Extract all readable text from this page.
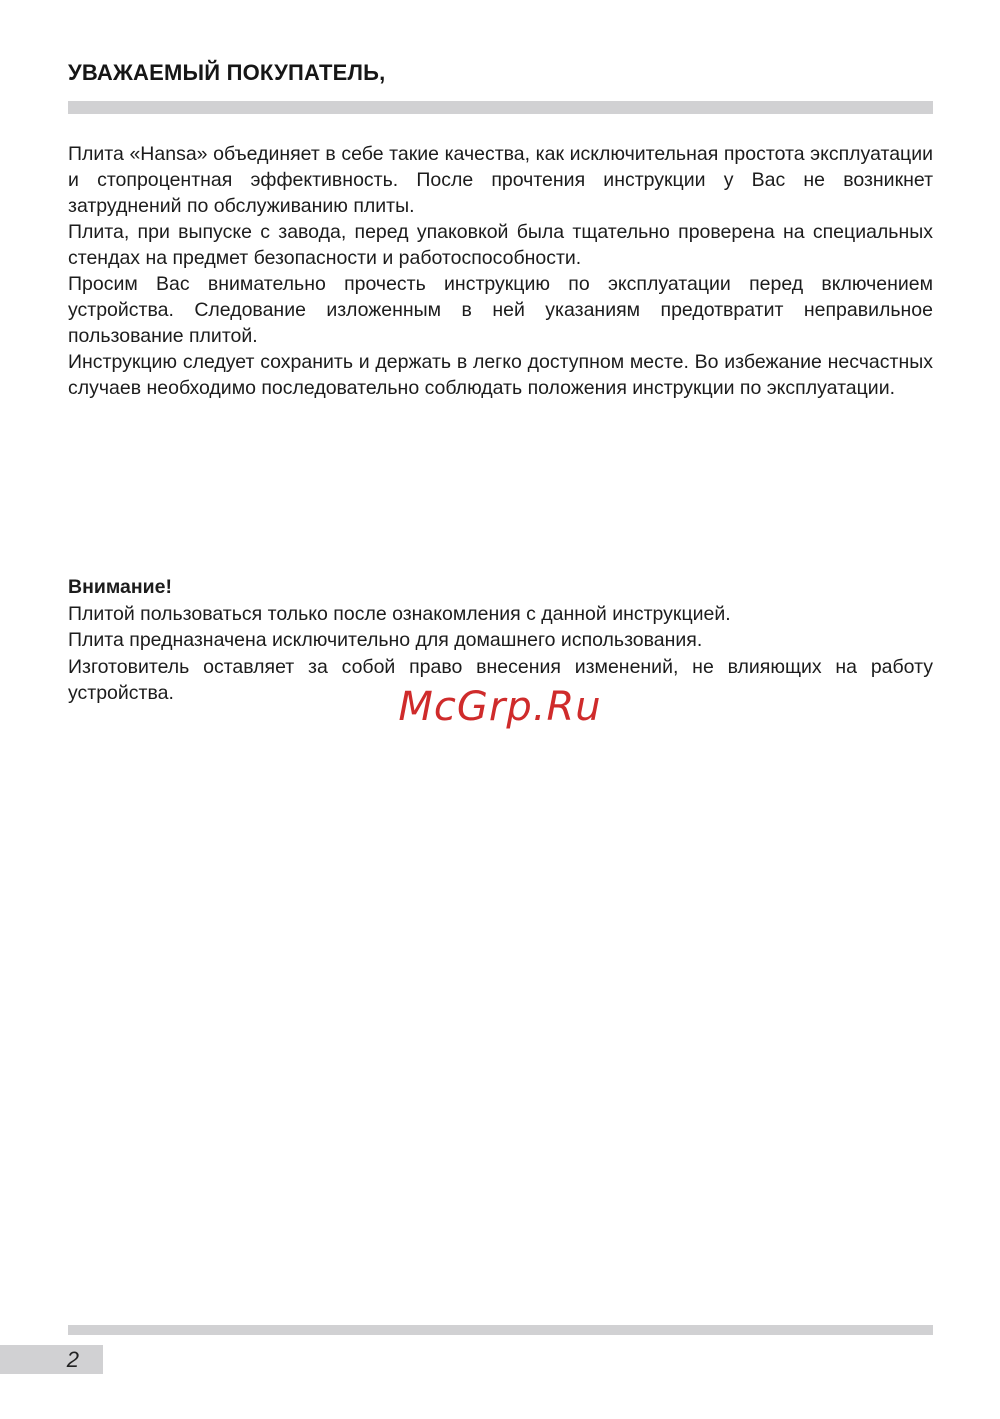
УВАЖАЕМЫЙ ПОКУПАТЕЛЬ,

Плита «Hansa» объединяет в себе такие качества, как исключительная простота эксплуатации и стопроцентная эффективность. После прочтения инструкции у Вас не возникнет затруднений по обслуживанию плиты.

Плита, при выпуске с завода, перед упаковкой была тщательно проверена на специальных стендах на предмет безопасности и работоспособности.

Просим Вас внимательно прочесть инструкцию по эксплуатации перед включением устройства. Следование изложенным в ней указаниям предотвратит неправильное пользование плитой.

Инструкцию следует сохранить и держать в легко доступном месте. Во избежание несчастных случаев необходимо последовательно соблюдать положения инструкции по эксплуатации.

Внимание!

Плитой пользоваться только после ознакомления с данной инструкцией.

Плита предназначена исключительно для домашнего использования.

Изготовитель оставляет за собой право внесения изменений, не влияющих на работу устройства.	McGrp.Ru
2
